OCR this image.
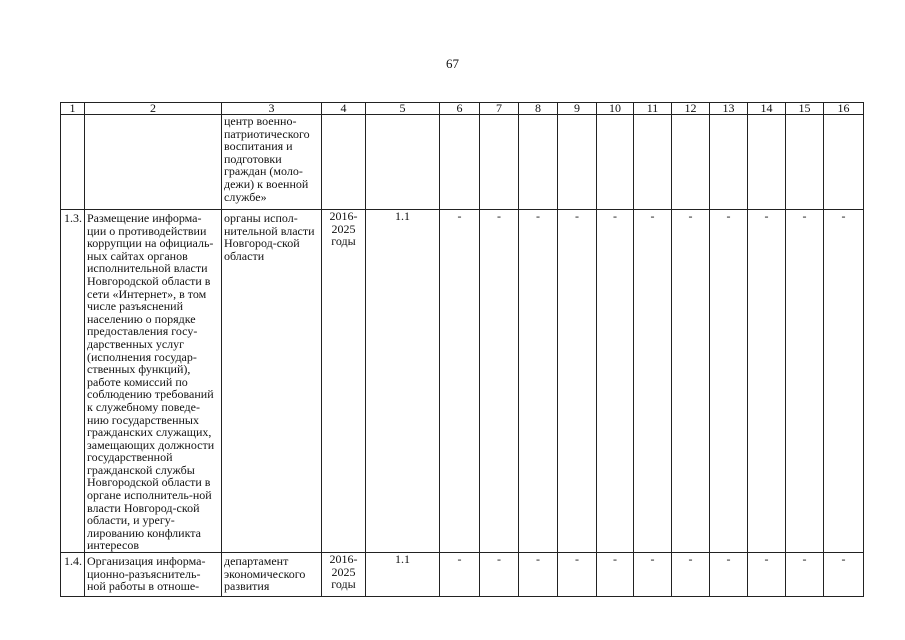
67
1	2	3	4	5	6	7	8	9	10	11	12	13	14	15	16
		центр военно-патриотического воспитания и подготовки граждан (моло-дежи) к военной службе»													
1.3.	Размещение информа-ции о противодействии коррупции на официаль-ных сайтах органов исполнительной власти Новгородской области в сети «Интернет», в том числе разъяснений населению о порядке предоставления госу-дарственных услуг (исполнения государ-ственных функций), работе комиссий по соблюдению требований к служебному поведе-нию государственных гражданских служащих, замещающих должности государственной гражданской службы Новгородской области в органе исполнитель-ной власти Новгород-ской области, и урегу-лированию конфликта интересов	органы испол-нительной власти Новгород-ской области	2016-2025 годы	1.1	-	-	-	-	-	-	-	-	-	-	-
1.4.	Организация информа-ционно-разъяснитель-ной работы в отноше-	департамент экономического развития	2016-2025 годы	1.1	-	-	-	-	-	-	-	-	-	-	-
